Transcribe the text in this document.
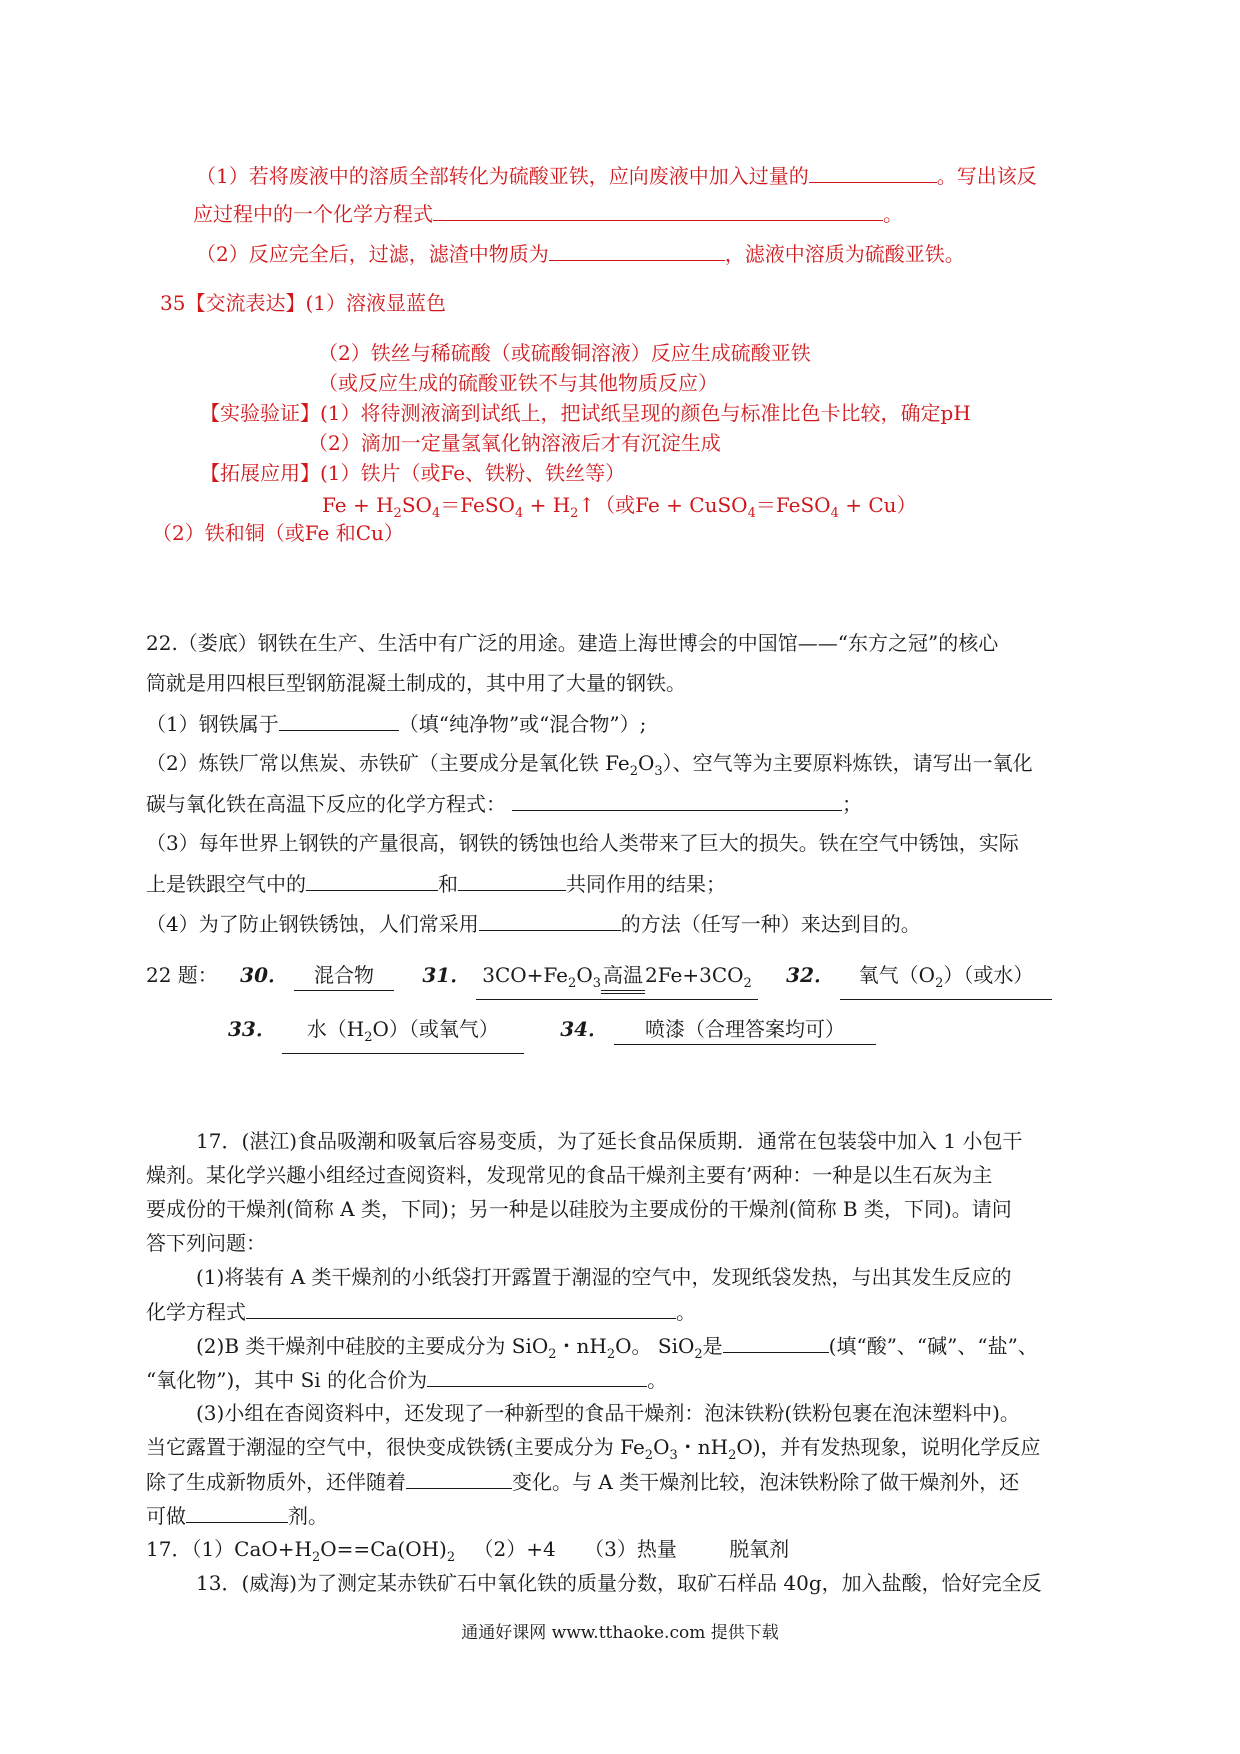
（1）若将废液中的溶质全部转化为硫酸亚铁，应向废液中加入过量的	。写出该反
应过程中的一个化学方程式	。
（2）反应完全后，过滤，滤渣中物质为	，滤液中溶质为硫酸亚铁。
35【交流表达】(1）溶液显蓝色
（2）铁丝与稀硫酸（或硫酸铜溶液）反应生成硫酸亚铁
（或反应生成的硫酸亚铁不与其他物质反应）
【实验验证】(1）将待测液滴到试纸上，把试纸呈现的颜色与标准比色卡比较，确定pH
（2）滴加一定量氢氧化钠溶液后才有沉淀生成
【拓展应用】(1）铁片（或Fe、铁粉、铁丝等）
$Fe + H_2SO_4=FeSO_4$ + $H_2↑$（或Fe + CuSO$_4$＝FeSO$_4$ + Cu）
（2）铁和铜（或Fe 和Cu）
22.（娄底）钢铁在生产、生活中有广泛的用途。建造上海世博会的中国馆——“东方之冠”的核心
筒就是用四根巨型钢筋混凝土制成的，其中用了大量的钢铁。
（1）钢铁属于	（填“纯净物”或“混合物”）;
（2）炼铁厂常以焦炭、赤铁矿（主要成分是氧化铁 $Fe_2O_3$）、空气等为主要原料炼铁，请写出一氧化
碳与氧化铁在高温下反应的化学方程式：	；
（3）每年世界上钢铁的产量很高，钢铁的锈蚀也给人类带来了巨大的损失。铁在空气中锈蚀，实际
上是铁跟空气中的	和	共同作用的结果；
（4）为了防止钢铁锈蚀，人们常采用	的方法（任写一种）来达到目的。
22 题： 30． 混合物 31． $3CO+Fe_2O_3$ 高温 $2Fe+3CO_2$ 32． 氧气$(O_2)$（或水）
33． 水$(H_2O)$（或氧气）	34． 喷漆（合理答案均可）
17．(湛江)食品吸潮和吸氧后容易变质，为了延长食品保质期．通常在包装袋中加入 1 小包干
燥剂。某化学兴趣小组经过查阅资料，发现常见的食品干燥剂主要有’两种：一种是以生石灰为主
要成份的干燥剂(简称 A 类，下同)；另一种是以硅胶为主要成份的干燥剂(简称 B 类，下同)。请问
答下列问题：
(1)将装有 A 类干燥剂的小纸袋打开露置于潮湿的空气中，发现纸袋发热，与出其发生反应的
化学方程式	。
(2)B 类干燥剂中硅胶的主要成分为 SiO$_2$・$nH_2O$。 SiO$_2$是	(填“酸”、“碱”、“盐”、
“氧化物”)，其中 Si 的化合价为	。
(3)小组在杳阅资料中，还发现了一种新型的食品干燥剂：泡沫铁粉(铁粉包裹在泡沫塑料中)。
当它露置于潮湿的空气中，很快变成铁锈(主要成分为 $Fe_2O_3$・$nH_2O$)，并有发热现象，说明化学反应
除了生成新物质外，还伴随着	变化。与 A 类干燥剂比较，泡沫铁粉除了做干燥剂外，还
可做	剂。
17．$(1)CaO+H_2O==Ca(OH)_2$ （2）+4 （3）热量	脱氧剂
13．(威海)为了测定某赤铁矿石中氧化铁的质量分数，取矿石样品 40g，加入盐酸，恰好完全反
通通好课网 www.tthaoke.com 提供下载
